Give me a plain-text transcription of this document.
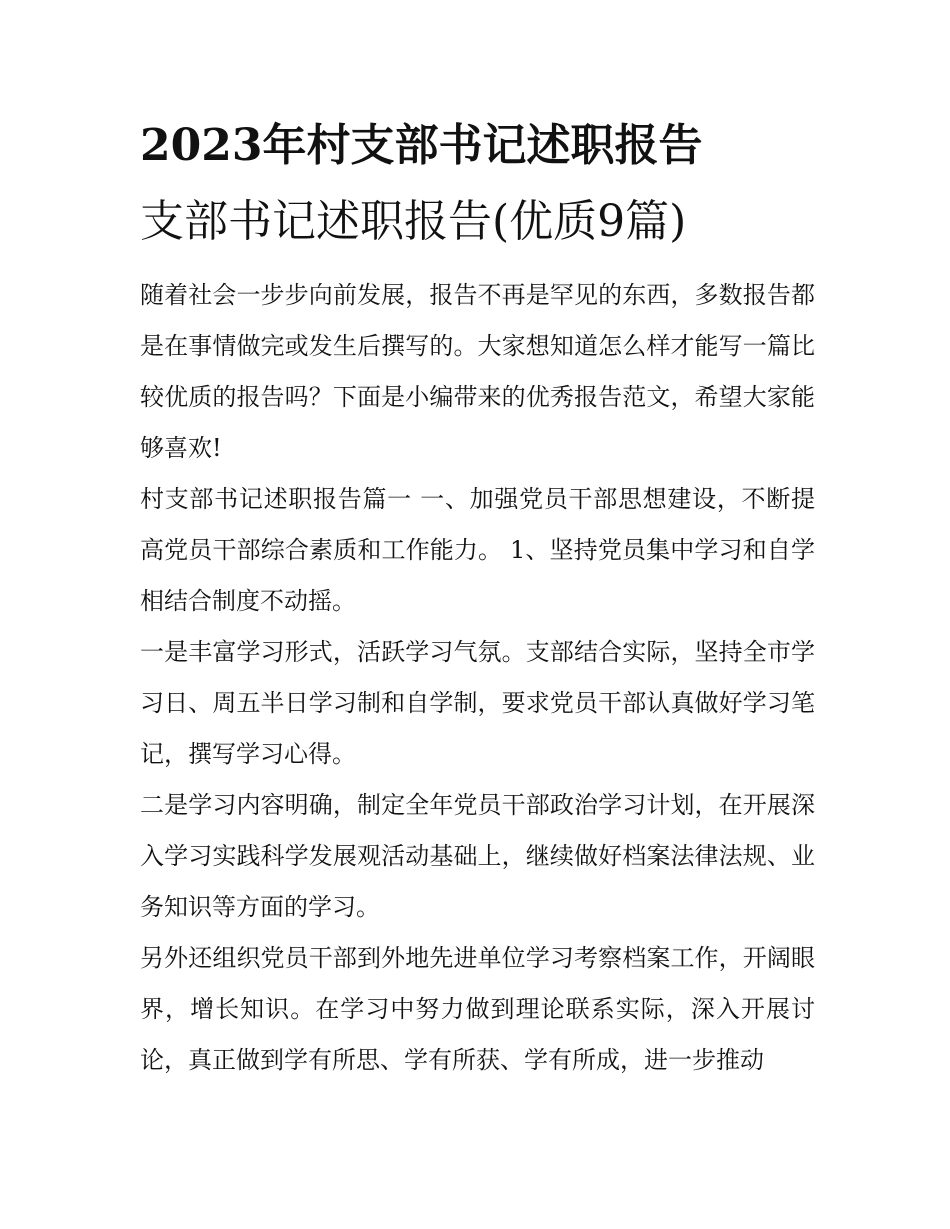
2023年村支部书记述职报告
支部书记述职报告(优质9篇)

随着社会一步步向前发展，报告不再是罕见的东西，多数报告都是在事情做完或发生后撰写的。大家想知道怎么样才能写一篇比较优质的报告吗？下面是小编带来的优秀报告范文，希望大家能够喜欢!

村支部书记述职报告篇一 一、加强党员干部思想建设，不断提高党员干部综合素质和工作能力。 1、坚持党员集中学习和自学相结合制度不动摇。

一是丰富学习形式，活跃学习气氛。支部结合实际，坚持全市学习日、周五半日学习制和自学制，要求党员干部认真做好学习笔记，撰写学习心得。

二是学习内容明确，制定全年党员干部政治学习计划，在开展深入学习实践科学发展观活动基础上，继续做好档案法律法规、业务知识等方面的学习。

另外还组织党员干部到外地先进单位学习考察档案工作，开阔眼界，增长知识。在学习中努力做到理论联系实际，深入开展讨论，真正做到学有所思、学有所获、学有所成，进一步推动
